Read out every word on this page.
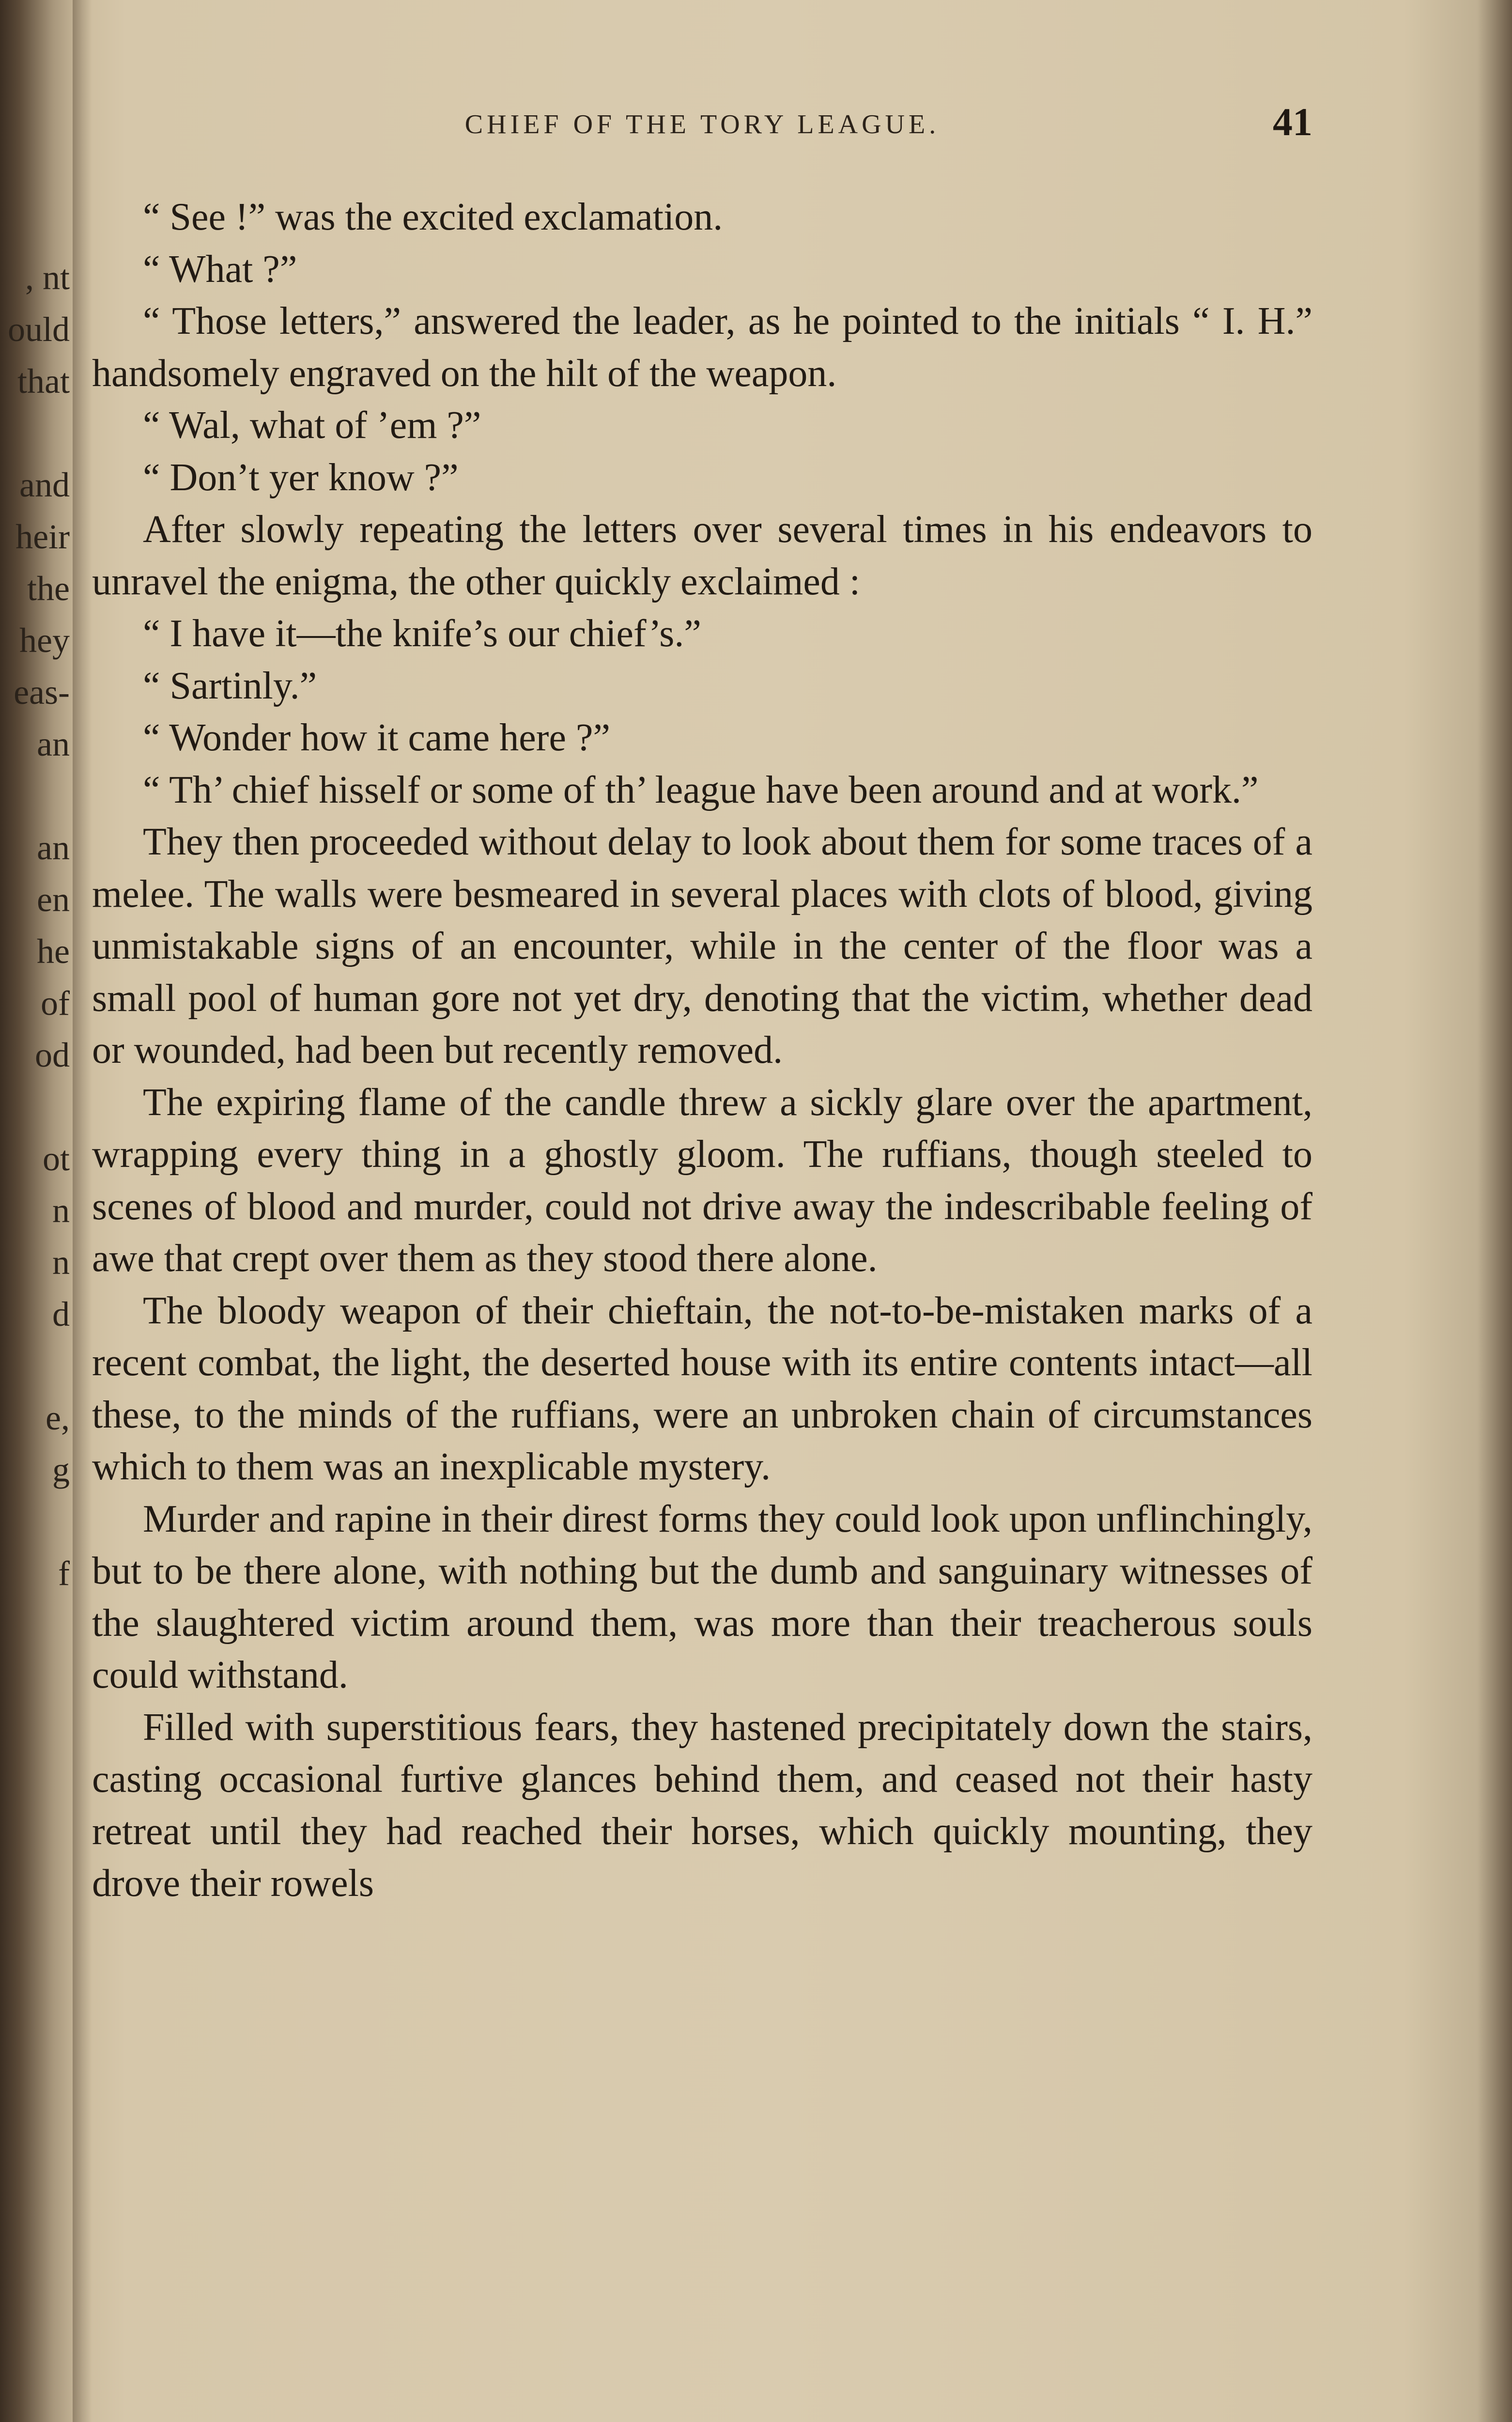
, nt
ould
that
and
heir
the
hey
eas-
an
an
en
he
of
od
ot
n
n
d
e,
g
f
CHIEF OF THE TORY LEAGUE.	41

“ See !” was the excited exclamation.

“ What ?”

“ Those letters,” answered the leader, as he pointed to the initials “ I. H.” handsomely engraved on the hilt of the weapon.

“ Wal, what of ’em ?”

“ Don’t yer know ?”

After slowly repeating the letters over several times in his endeavors to unravel the enigma, the other quickly exclaimed :

“ I have it—the knife’s our chief’s.”

“ Sartinly.”

“ Wonder how it came here ?”

“ Th’ chief hisself or some of th’ league have been around and at work.”

They then proceeded without delay to look about them for some traces of a melee. The walls were besmeared in several places with clots of blood, giving unmistakable signs of an encounter, while in the center of the floor was a small pool of human gore not yet dry, denoting that the victim, whether dead or wounded, had been but recently removed.

The expiring flame of the candle threw a sickly glare over the apartment, wrapping every thing in a ghostly gloom. The ruffians, though steeled to scenes of blood and murder, could not drive away the indescribable feeling of awe that crept over them as they stood there alone.

The bloody weapon of their chieftain, the not-to-be-mistaken marks of a recent combat, the light, the deserted house with its entire contents intact—all these, to the minds of the ruffians, were an unbroken chain of circumstances which to them was an inexplicable mystery.

Murder and rapine in their direst forms they could look upon unflinchingly, but to be there alone, with nothing but the dumb and sanguinary witnesses of the slaughtered victim around them, was more than their treacherous souls could withstand.

Filled with superstitious fears, they hastened precipitately down the stairs, casting occasional furtive glances behind them, and ceased not their hasty retreat until they had reached their horses, which quickly mounting, they drove their rowels
